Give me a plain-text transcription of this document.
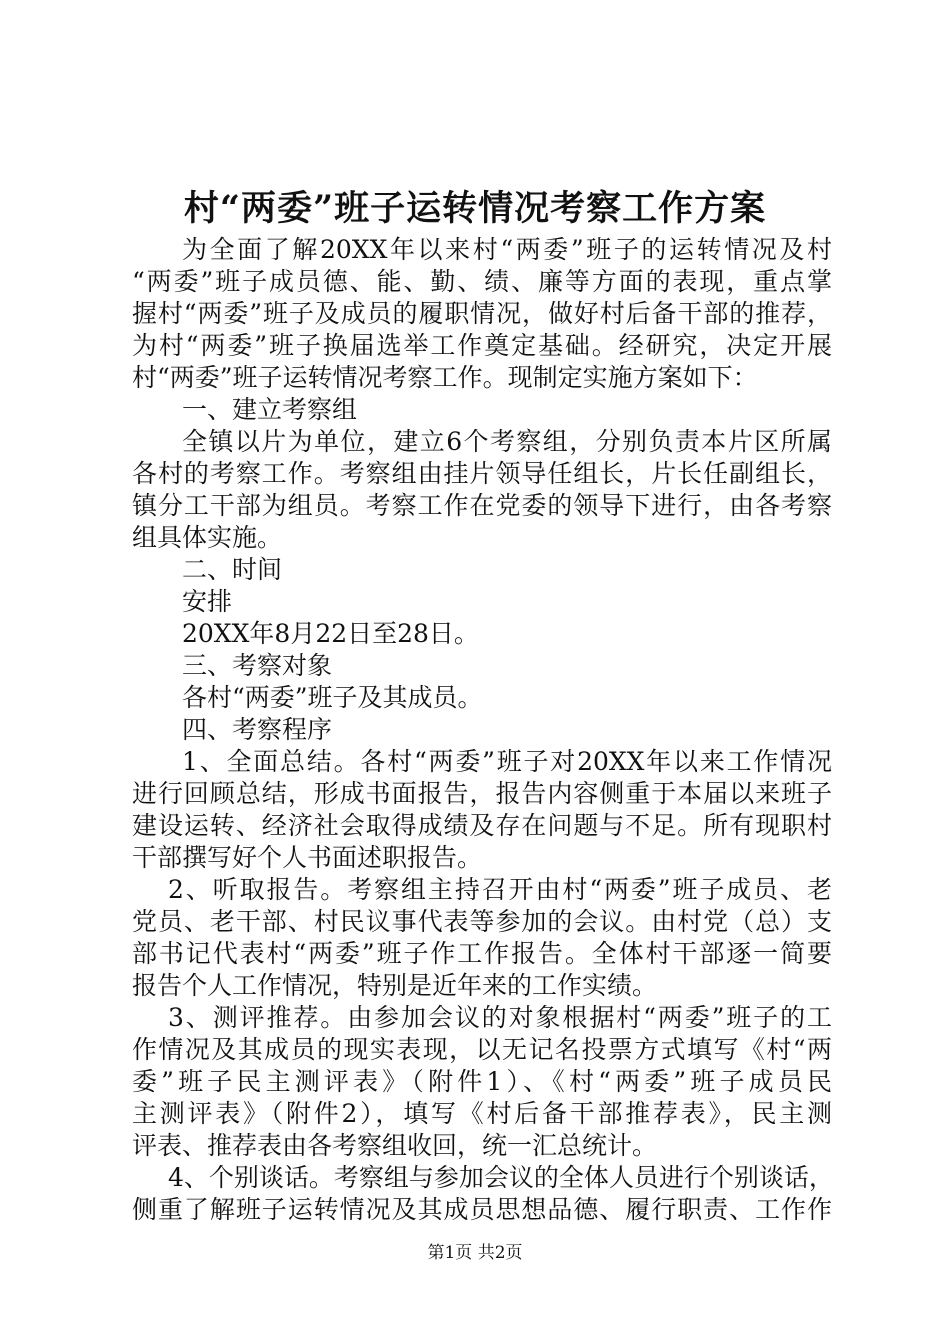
村“两委”班子运转情况考察工作方案
为全面了解20XX年以来村“两委”班子的运转情况及村
“两委”班子成员德、能、勤、绩、廉等方面的表现，重点掌
握村“两委”班子及成员的履职情况，做好村后备干部的推荐，
为村“两委”班子换届选举工作奠定基础。经研究，决定开展
村“两委”班子运转情况考察工作。现制定实施方案如下：
一、建立考察组
全镇以片为单位，建立6个考察组，分别负责本片区所属
各村的考察工作。考察组由挂片领导任组长，片长任副组长，
镇分工干部为组员。考察工作在党委的领导下进行，由各考察
组具体实施。
二、时间
安排
20XX年8月22日至28日。
三、考察对象
各村“两委”班子及其成员。
四、考察程序
1、全面总结。各村“两委”班子对20XX年以来工作情况
进行回顾总结，形成书面报告，报告内容侧重于本届以来班子
建设运转、经济社会取得成绩及存在问题与不足。所有现职村
干部撰写好个人书面述职报告。
2、听取报告。考察组主持召开由村“两委”班子成员、老
党员、老干部、村民议事代表等参加的会议。由村党（总）支
部书记代表村“两委”班子作工作报告。全体村干部逐一简要
报告个人工作情况，特别是近年来的工作实绩。
3、测评推荐。由参加会议的对象根据村“两委”班子的工
作情况及其成员的现实表现，以无记名投票方式填写《村“两
委”班子民主测评表》（附件1）、《村“两委”班子成员民
主测评表》（附件2），填写《村后备干部推荐表》，民主测
评表、推荐表由各考察组收回，统一汇总统计。
4、个别谈话。考察组与参加会议的全体人员进行个别谈话，
侧重了解班子运转情况及其成员思想品德、履行职责、工作作
第1页 共2页
